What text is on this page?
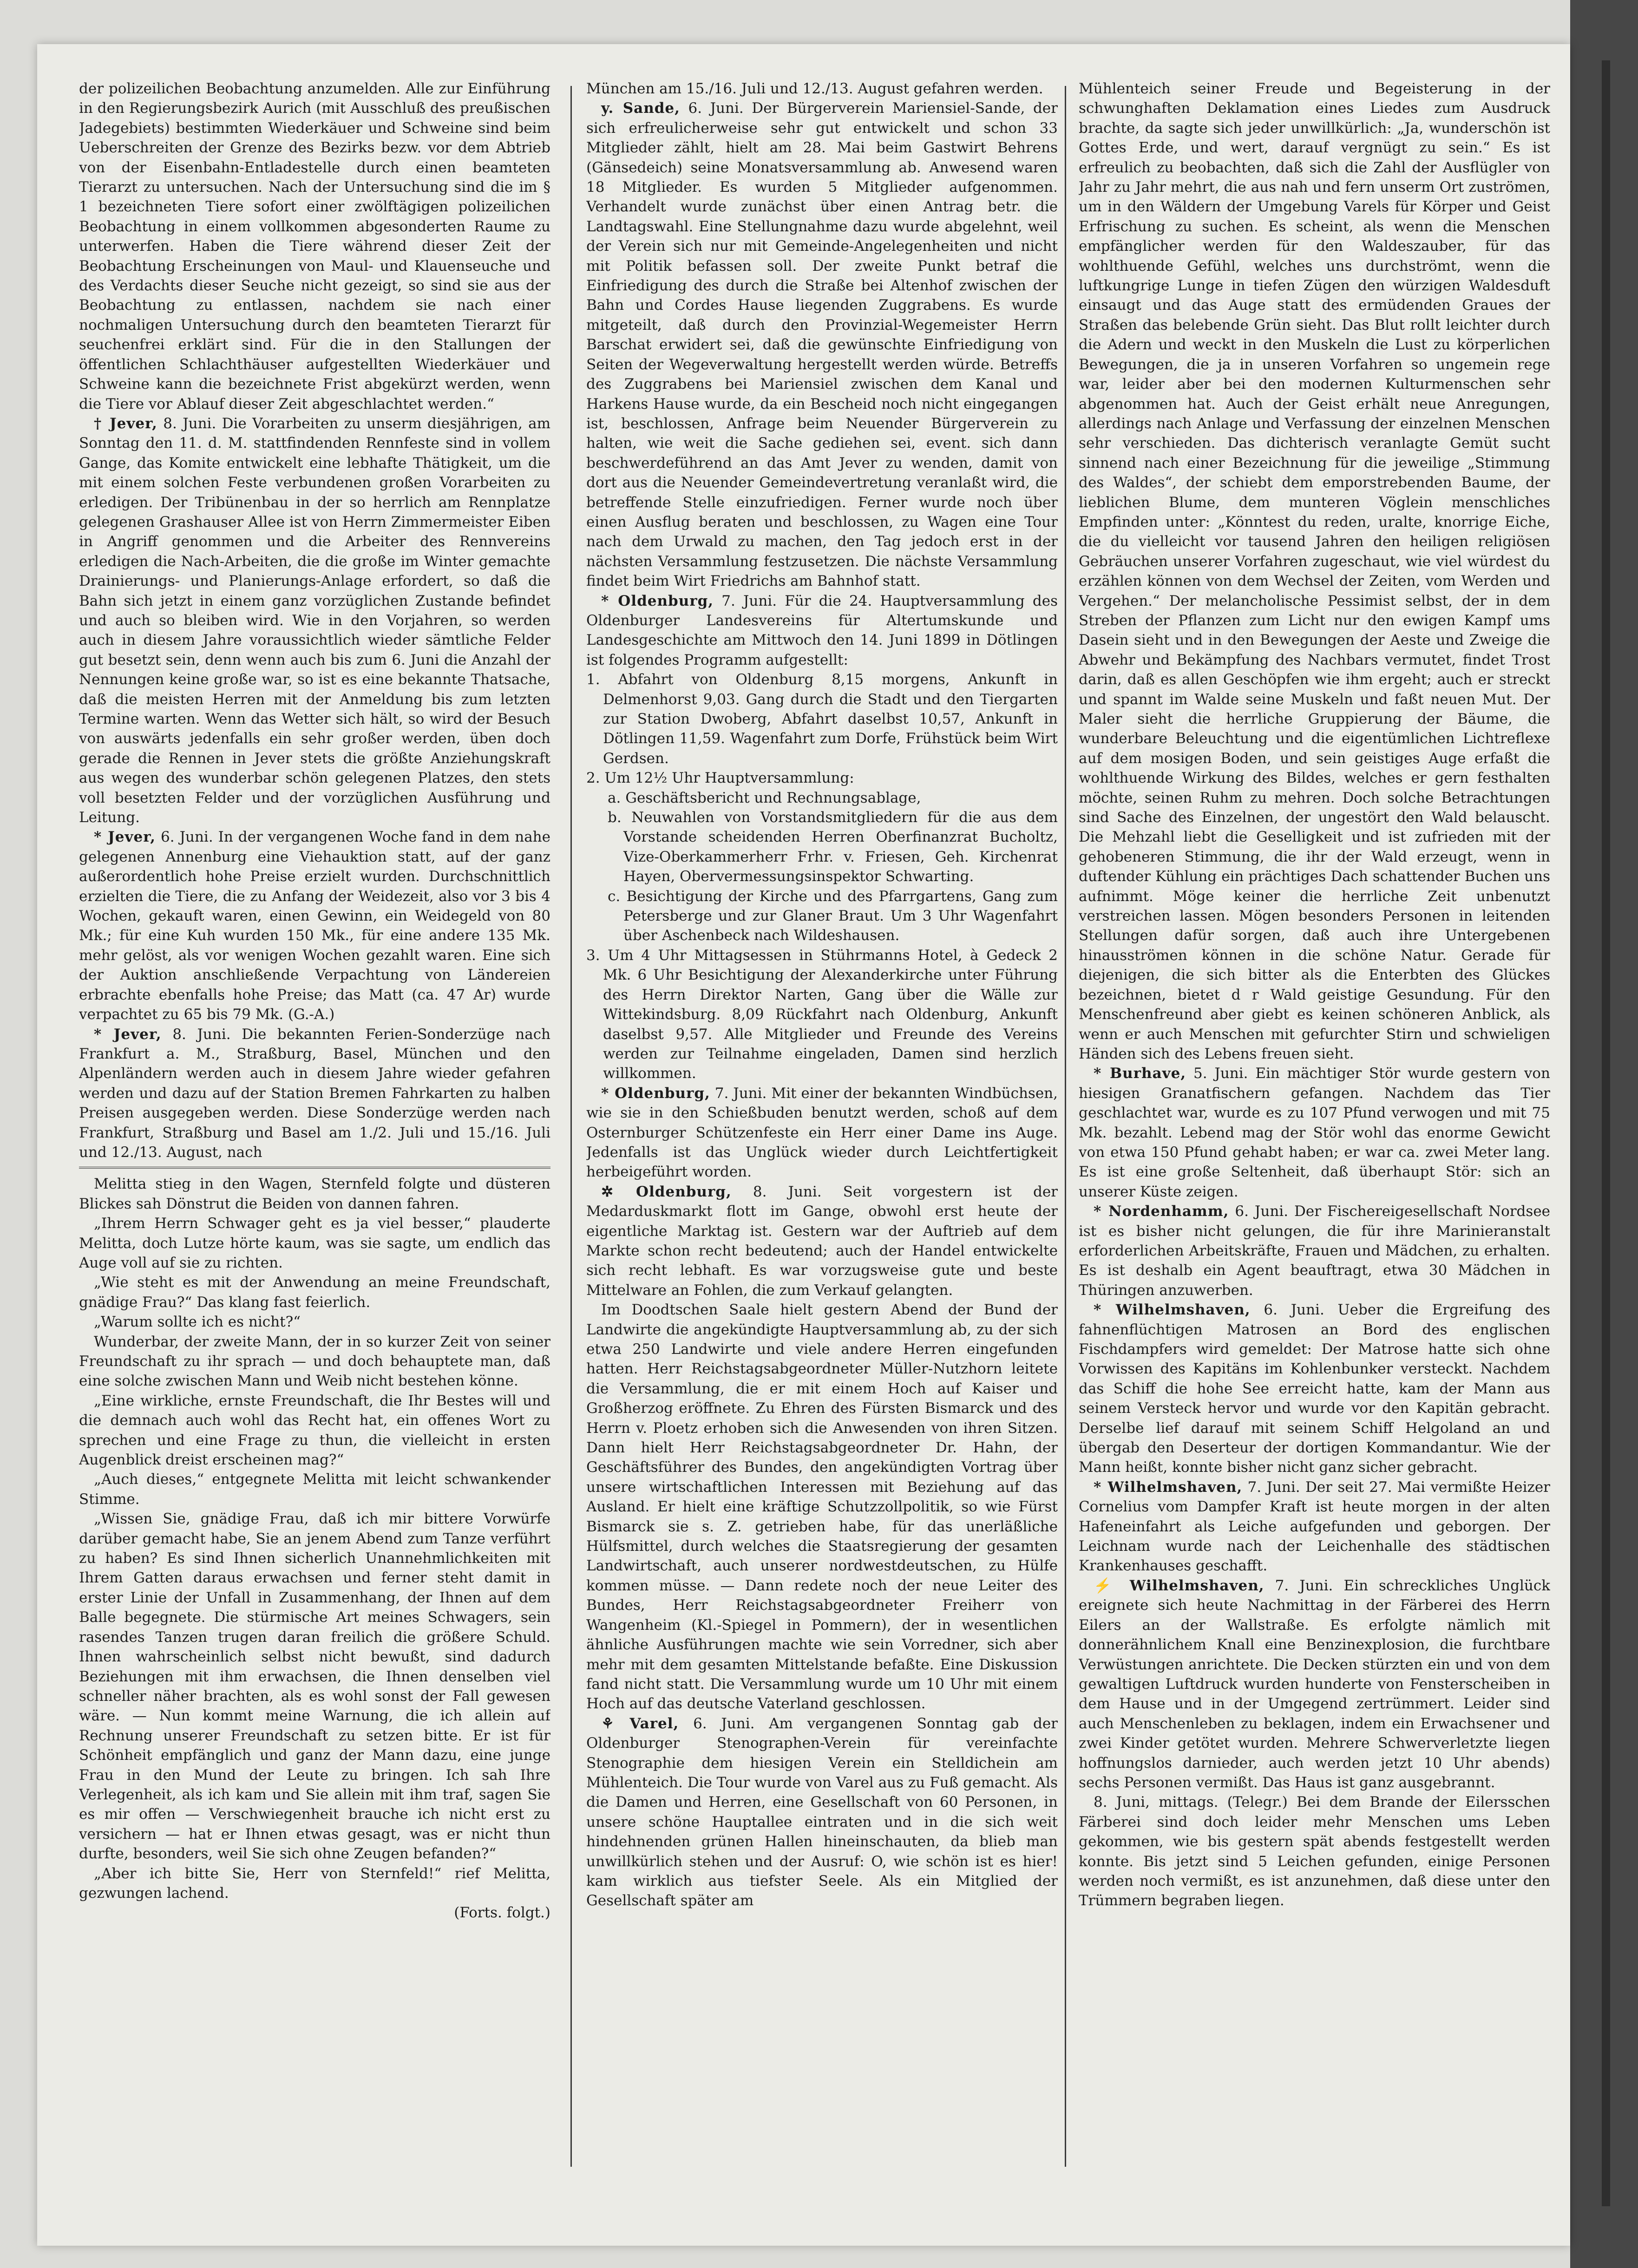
der polizeilichen Beobachtung anzumelden. Alle zur Einführung in den Regierungsbezirk Aurich (mit Ausschluß des preußischen Jadegebiets) bestimmten Wiederkäuer und Schweine sind beim Ueberschreiten der Grenze des Bezirks bezw. vor dem Abtrieb von der Eisenbahn-Entladestelle durch einen beamteten Tierarzt zu untersuchen. Nach der Untersuchung sind die im § 1 bezeichneten Tiere sofort einer zwölftägigen polizeilichen Beobachtung in einem vollkommen abgesonderten Raume zu unterwerfen. Haben die Tiere während dieser Zeit der Beobachtung Erscheinungen von Maul- und Klauenseuche und des Verdachts dieser Seuche nicht gezeigt, so sind sie aus der Beobachtung zu entlassen, nachdem sie nach einer nochmaligen Untersuchung durch den beamteten Tierarzt für seuchenfrei erklärt sind. Für die in den Stallungen der öffentlichen Schlachthäuser aufgestellten Wiederkäuer und Schweine kann die bezeichnete Frist abgekürzt werden, wenn die Tiere vor Ablauf dieser Zeit abgeschlachtet werden.“

† Jever, 8. Juni. Die Vorarbeiten zu unserm diesjährigen, am Sonntag den 11. d. M. stattfindenden Rennfeste sind in vollem Gange, das Komite entwickelt eine lebhafte Thätigkeit, um die mit einem solchen Feste verbundenen großen Vorarbeiten zu erledigen. Der Tribünenbau in der so herrlich am Rennplatze gelegenen Grashauser Allee ist von Herrn Zimmermeister Eiben in Angriff genommen und die Arbeiter des Rennvereins erledigen die Nach-Arbeiten, die die große im Winter gemachte Drainierungs- und Planierungs-Anlage erfordert, so daß die Bahn sich jetzt in einem ganz vorzüglichen Zustande befindet und auch so bleiben wird. Wie in den Vorjahren, so werden auch in diesem Jahre voraussichtlich wieder sämtliche Felder gut besetzt sein, denn wenn auch bis zum 6. Juni die Anzahl der Nennungen keine große war, so ist es eine bekannte Thatsache, daß die meisten Herren mit der Anmeldung bis zum letzten Termine warten. Wenn das Wetter sich hält, so wird der Besuch von auswärts jedenfalls ein sehr großer werden, üben doch gerade die Rennen in Jever stets die größte Anziehungskraft aus wegen des wunderbar schön gelegenen Platzes, den stets voll besetzten Felder und der vorzüglichen Ausführung und Leitung.

* Jever, 6. Juni. In der vergangenen Woche fand in dem nahe gelegenen Annenburg eine Viehauktion statt, auf der ganz außerordentlich hohe Preise erzielt wurden. Durchschnittlich erzielten die Tiere, die zu Anfang der Weidezeit, also vor 3 bis 4 Wochen, gekauft waren, einen Gewinn, ein Weidegeld von 80 Mk.; für eine Kuh wurden 150 Mk., für eine andere 135 Mk. mehr gelöst, als vor wenigen Wochen gezahlt waren. Eine sich der Auktion anschließende Verpachtung von Ländereien erbrachte ebenfalls hohe Preise; das Matt (ca. 47 Ar) wurde verpachtet zu 65 bis 79 Mk. (G.-A.)

* Jever, 8. Juni. Die bekannten Ferien-Sonderzüge nach Frankfurt a. M., Straßburg, Basel, München und den Alpenländern werden auch in diesem Jahre wieder gefahren werden und dazu auf der Station Bremen Fahrkarten zu halben Preisen ausgegeben werden. Diese Sonderzüge werden nach Frankfurt, Straßburg und Basel am 1./2. Juli und 15./16. Juli und 12./13. August, nach

Melitta stieg in den Wagen, Sternfeld folgte und düsteren Blickes sah Dönstrut die Beiden von dannen fahren.

„Ihrem Herrn Schwager geht es ja viel besser,“ plauderte Melitta, doch Lutze hörte kaum, was sie sagte, um endlich das Auge voll auf sie zu richten.

„Wie steht es mit der Anwendung an meine Freundschaft, gnädige Frau?“ Das klang fast feierlich.

„Warum sollte ich es nicht?“

Wunderbar, der zweite Mann, der in so kurzer Zeit von seiner Freundschaft zu ihr sprach — und doch behauptete man, daß eine solche zwischen Mann und Weib nicht bestehen könne.

„Eine wirkliche, ernste Freundschaft, die Ihr Bestes will und die demnach auch wohl das Recht hat, ein offenes Wort zu sprechen und eine Frage zu thun, die vielleicht in ersten Augenblick dreist erscheinen mag?“

„Auch dieses,“ entgegnete Melitta mit leicht schwankender Stimme.

„Wissen Sie, gnädige Frau, daß ich mir bittere Vorwürfe darüber gemacht habe, Sie an jenem Abend zum Tanze verführt zu haben? Es sind Ihnen sicherlich Unannehmlichkeiten mit Ihrem Gatten daraus erwachsen und ferner steht damit in erster Linie der Unfall in Zusammenhang, der Ihnen auf dem Balle begegnete. Die stürmische Art meines Schwagers, sein rasendes Tanzen trugen daran freilich die größere Schuld. Ihnen wahrscheinlich selbst nicht bewußt, sind dadurch Beziehungen mit ihm erwachsen, die Ihnen denselben viel schneller näher brachten, als es wohl sonst der Fall gewesen wäre. — Nun kommt meine Warnung, die ich allein auf Rechnung unserer Freundschaft zu setzen bitte. Er ist für Schönheit empfänglich und ganz der Mann dazu, eine junge Frau in den Mund der Leute zu bringen. Ich sah Ihre Verlegenheit, als ich kam und Sie allein mit ihm traf, sagen Sie es mir offen — Verschwiegenheit brauche ich nicht erst zu versichern — hat er Ihnen etwas gesagt, was er nicht thun durfte, besonders, weil Sie sich ohne Zeugen befanden?“

„Aber ich bitte Sie, Herr von Sternfeld!“ rief Melitta, gezwungen lachend.

(Forts. folgt.)

München am 15./16. Juli und 12./13. August gefahren werden.

y. Sande, 6. Juni. Der Bürgerverein Mariensiel-Sande, der sich erfreulicherweise sehr gut entwickelt und schon 33 Mitglieder zählt, hielt am 28. Mai beim Gastwirt Behrens (Gänsedeich) seine Monatsversammlung ab. Anwesend waren 18 Mitglieder. Es wurden 5 Mitglieder aufgenommen. Verhandelt wurde zunächst über einen Antrag betr. die Landtagswahl. Eine Stellungnahme dazu wurde abgelehnt, weil der Verein sich nur mit Gemeinde-Angelegenheiten und nicht mit Politik befassen soll. Der zweite Punkt betraf die Einfriedigung des durch die Straße bei Altenhof zwischen der Bahn und Cordes Hause liegenden Zuggrabens. Es wurde mitgeteilt, daß durch den Provinzial-Wegemeister Herrn Barschat erwidert sei, daß die gewünschte Einfriedigung von Seiten der Wegeverwaltung hergestellt werden würde. Betreffs des Zuggrabens bei Mariensiel zwischen dem Kanal und Harkens Hause wurde, da ein Bescheid noch nicht eingegangen ist, beschlossen, Anfrage beim Neuender Bürgerverein zu halten, wie weit die Sache gediehen sei, event. sich dann beschwerdeführend an das Amt Jever zu wenden, damit von dort aus die Neuender Gemeindevertretung veranlaßt wird, die betreffende Stelle einzufriedigen. Ferner wurde noch über einen Ausflug beraten und beschlossen, zu Wagen eine Tour nach dem Urwald zu machen, den Tag jedoch erst in der nächsten Versammlung festzusetzen. Die nächste Versammlung findet beim Wirt Friedrichs am Bahnhof statt.

* Oldenburg, 7. Juni. Für die 24. Hauptversammlung des Oldenburger Landesvereins für Altertumskunde und Landesgeschichte am Mittwoch den 14. Juni 1899 in Dötlingen ist folgendes Programm aufgestellt:

1. Abfahrt von Oldenburg 8,15 morgens, Ankunft in Delmenhorst 9,03. Gang durch die Stadt und den Tiergarten zur Station Dwoberg, Abfahrt daselbst 10,57, Ankunft in Dötlingen 11,59. Wagenfahrt zum Dorfe, Frühstück beim Wirt Gerdsen.

2. Um 12½ Uhr Hauptversammlung:

a. Geschäftsbericht und Rechnungsablage,

b. Neuwahlen von Vorstandsmitgliedern für die aus dem Vorstande scheidenden Herren Oberfinanzrat Bucholtz, Vize-Oberkammerherr Frhr. v. Friesen, Geh. Kirchenrat Hayen, Obervermessungsinspektor Schwarting.

c. Besichtigung der Kirche und des Pfarrgartens, Gang zum Petersberge und zur Glaner Braut. Um 3 Uhr Wagenfahrt über Aschenbeck nach Wildeshausen.

3. Um 4 Uhr Mittagsessen in Stührmanns Hotel, à Gedeck 2 Mk. 6 Uhr Besichtigung der Alexanderkirche unter Führung des Herrn Direktor Narten, Gang über die Wälle zur Wittekindsburg. 8,09 Rückfahrt nach Oldenburg, Ankunft daselbst 9,57. Alle Mitglieder und Freunde des Vereins werden zur Teilnahme eingeladen, Damen sind herzlich willkommen.

* Oldenburg, 7. Juni. Mit einer der bekannten Windbüchsen, wie sie in den Schießbuden benutzt werden, schoß auf dem Osternburger Schützenfeste ein Herr einer Dame ins Auge. Jedenfalls ist das Unglück wieder durch Leichtfertigkeit herbeigeführt worden.

✲ Oldenburg, 8. Juni. Seit vorgestern ist der Medarduskmarkt flott im Gange, obwohl erst heute der eigentliche Marktag ist. Gestern war der Auftrieb auf dem Markte schon recht bedeutend; auch der Handel entwickelte sich recht lebhaft. Es war vorzugsweise gute und beste Mittelware an Fohlen, die zum Verkauf gelangten.

Im Doodtschen Saale hielt gestern Abend der Bund der Landwirte die angekündigte Hauptversammlung ab, zu der sich etwa 250 Landwirte und viele andere Herren eingefunden hatten. Herr Reichstagsabgeordneter Müller-Nutzhorn leitete die Versammlung, die er mit einem Hoch auf Kaiser und Großherzog eröffnete. Zu Ehren des Fürsten Bismarck und des Herrn v. Ploetz erhoben sich die Anwesenden von ihren Sitzen. Dann hielt Herr Reichstagsabgeordneter Dr. Hahn, der Geschäftsführer des Bundes, den angekündigten Vortrag über unsere wirtschaftlichen Interessen mit Beziehung auf das Ausland. Er hielt eine kräftige Schutzzollpolitik, so wie Fürst Bismarck sie s. Z. getrieben habe, für das unerläßliche Hülfsmittel, durch welches die Staatsregierung der gesamten Landwirtschaft, auch unserer nordwestdeutschen, zu Hülfe kommen müsse. — Dann redete noch der neue Leiter des Bundes, Herr Reichstagsabgeordneter Freiherr von Wangenheim (Kl.-Spiegel in Pommern), der in wesentlichen ähnliche Ausführungen machte wie sein Vorredner, sich aber mehr mit dem gesamten Mittelstande befaßte. Eine Diskussion fand nicht statt. Die Versammlung wurde um 10 Uhr mit einem Hoch auf das deutsche Vaterland geschlossen.

⚘ Varel, 6. Juni. Am vergangenen Sonntag gab der Oldenburger Stenographen-Verein für vereinfachte Stenographie dem hiesigen Verein ein Stelldichein am Mühlenteich. Die Tour wurde von Varel aus zu Fuß gemacht. Als die Damen und Herren, eine Gesellschaft von 60 Personen, in unsere schöne Hauptallee eintraten und in die sich weit hindehnenden grünen Hallen hineinschauten, da blieb man unwillkürlich stehen und der Ausruf: O, wie schön ist es hier! kam wirklich aus tiefster Seele. Als ein Mitglied der Gesellschaft später am

Mühlenteich seiner Freude und Begeisterung in der schwunghaften Deklamation eines Liedes zum Ausdruck brachte, da sagte sich jeder unwillkürlich: „Ja, wunderschön ist Gottes Erde, und wert, darauf vergnügt zu sein.“ Es ist erfreulich zu beobachten, daß sich die Zahl der Ausflügler von Jahr zu Jahr mehrt, die aus nah und fern unserm Ort zuströmen, um in den Wäldern der Umgebung Varels für Körper und Geist Erfrischung zu suchen. Es scheint, als wenn die Menschen empfänglicher werden für den Waldeszauber, für das wohlthuende Gefühl, welches uns durchströmt, wenn die luftkungrige Lunge in tiefen Zügen den würzigen Waldesduft einsaugt und das Auge statt des ermüdenden Graues der Straßen das belebende Grün sieht. Das Blut rollt leichter durch die Adern und weckt in den Muskeln die Lust zu körperlichen Bewegungen, die ja in unseren Vorfahren so ungemein rege war, leider aber bei den modernen Kulturmenschen sehr abgenommen hat. Auch der Geist erhält neue Anregungen, allerdings nach Anlage und Verfassung der einzelnen Menschen sehr verschieden. Das dichterisch veranlagte Gemüt sucht sinnend nach einer Bezeichnung für die jeweilige „Stimmung des Waldes“, der schiebt dem emporstrebenden Baume, der lieblichen Blume, dem munteren Vöglein menschliches Empfinden unter: „Könntest du reden, uralte, knorrige Eiche, die du vielleicht vor tausend Jahren den heiligen religiösen Gebräuchen unserer Vorfahren zugeschaut, wie viel würdest du erzählen können von dem Wechsel der Zeiten, vom Werden und Vergehen.“ Der melancholische Pessimist selbst, der in dem Streben der Pflanzen zum Licht nur den ewigen Kampf ums Dasein sieht und in den Bewegungen der Aeste und Zweige die Abwehr und Bekämpfung des Nachbars vermutet, findet Trost darin, daß es allen Geschöpfen wie ihm ergeht; auch er streckt und spannt im Walde seine Muskeln und faßt neuen Mut. Der Maler sieht die herrliche Gruppierung der Bäume, die wunderbare Beleuchtung und die eigentümlichen Lichtreflexe auf dem mosigen Boden, und sein geistiges Auge erfaßt die wohlthuende Wirkung des Bildes, welches er gern festhalten möchte, seinen Ruhm zu mehren. Doch solche Betrachtungen sind Sache des Einzelnen, der ungestört den Wald belauscht. Die Mehzahl liebt die Geselligkeit und ist zufrieden mit der gehobeneren Stimmung, die ihr der Wald erzeugt, wenn in duftender Kühlung ein prächtiges Dach schattender Buchen uns aufnimmt. Möge keiner die herrliche Zeit unbenutzt verstreichen lassen. Mögen besonders Personen in leitenden Stellungen dafür sorgen, daß auch ihre Untergebenen hinausströmen können in die schöne Natur. Gerade für diejenigen, die sich bitter als die Enterbten des Glückes bezeichnen, bietet d r Wald geistige Gesundung. Für den Menschenfreund aber giebt es keinen schöneren Anblick, als wenn er auch Menschen mit gefurchter Stirn und schwieligen Händen sich des Lebens freuen sieht.

* Burhave, 5. Juni. Ein mächtiger Stör wurde gestern von hiesigen Granatfischern gefangen. Nachdem das Tier geschlachtet war, wurde es zu 107 Pfund verwogen und mit 75 Mk. bezahlt. Lebend mag der Stör wohl das enorme Gewicht von etwa 150 Pfund gehabt haben; er war ca. zwei Meter lang. Es ist eine große Seltenheit, daß überhaupt Stör: sich an unserer Küste zeigen.

* Nordenhamm, 6. Juni. Der Fischereigesellschaft Nordsee ist es bisher nicht gelungen, die für ihre Marinieranstalt erforderlichen Arbeitskräfte, Frauen und Mädchen, zu erhalten. Es ist deshalb ein Agent beauftragt, etwa 30 Mädchen in Thüringen anzuwerben.

* Wilhelmshaven, 6. Juni. Ueber die Ergreifung des fahnenflüchtigen Matrosen an Bord des englischen Fischdampfers wird gemeldet: Der Matrose hatte sich ohne Vorwissen des Kapitäns im Kohlenbunker versteckt. Nachdem das Schiff die hohe See erreicht hatte, kam der Mann aus seinem Versteck hervor und wurde vor den Kapitän gebracht. Derselbe lief darauf mit seinem Schiff Helgoland an und übergab den Deserteur der dortigen Kommandantur. Wie der Mann heißt, konnte bisher nicht ganz sicher gebracht.

* Wilhelmshaven, 7. Juni. Der seit 27. Mai vermißte Heizer Cornelius vom Dampfer Kraft ist heute morgen in der alten Hafeneinfahrt als Leiche aufgefunden und geborgen. Der Leichnam wurde nach der Leichenhalle des städtischen Krankenhauses geschafft.

⚡ Wilhelmshaven, 7. Juni. Ein schreckliches Unglück ereignete sich heute Nachmittag in der Färberei des Herrn Eilers an der Wallstraße. Es erfolgte nämlich mit donnerähnlichem Knall eine Benzinexplosion, die furchtbare Verwüstungen anrichtete. Die Decken stürzten ein und von dem gewaltigen Luftdruck wurden hunderte von Fensterscheiben in dem Hause und in der Umgegend zertrümmert. Leider sind auch Menschenleben zu beklagen, indem ein Erwachsener und zwei Kinder getötet wurden. Mehrere Schwerverletzte liegen hoffnungslos darnieder, auch werden jetzt 10 Uhr abends) sechs Personen vermißt. Das Haus ist ganz ausgebrannt.

8. Juni, mittags. (Telegr.) Bei dem Brande der Eilersschen Färberei sind doch leider mehr Menschen ums Leben gekommen, wie bis gestern spät abends festgestellt werden konnte. Bis jetzt sind 5 Leichen gefunden, einige Personen werden noch vermißt, es ist anzunehmen, daß diese unter den Trümmern begraben liegen.
